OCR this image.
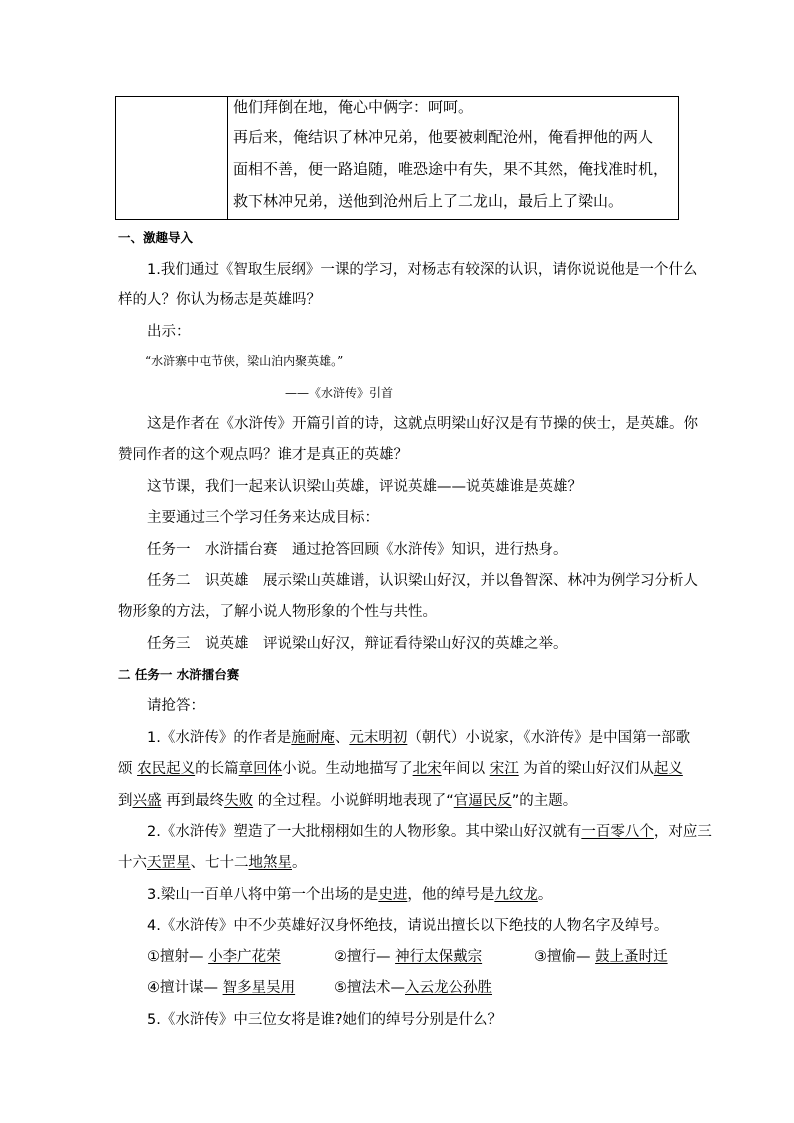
他们拜倒在地，俺心中俩字：呵呵。
再后来，俺结识了林冲兄弟，他要被刺配沧州，俺看押他的两人
面相不善，便一路追随，唯恐途中有失，果不其然，俺找准时机，
救下林冲兄弟，送他到沧州后上了二龙山，最后上了梁山。
一、激趣导入
1.我们通过《智取生辰纲》一课的学习，对杨志有较深的认识，请你说说他是一个什么
样的人？你认为杨志是英雄吗？
出示：
“水浒寨中屯节侠，梁山泊内聚英雄。”
——《水浒传》引首
这是作者在《水浒传》开篇引首的诗，这就点明梁山好汉是有节操的侠士，是英雄。你
赞同作者的这个观点吗？谁才是真正的英雄？
这节课，我们一起来认识梁山英雄，评说英雄——说英雄谁是英雄？
主要通过三个学习任务来达成目标：
任务一　水浒擂台赛　通过抢答回顾《水浒传》知识，进行热身。
任务二　识英雄　展示梁山英雄谱，认识梁山好汉，并以鲁智深、林冲为例学习分析人
物形象的方法，了解小说人物形象的个性与共性。
任务三　说英雄　评说梁山好汉，辩证看待梁山好汉的英雄之举。
二 任务一 水浒擂台赛
请抢答：
1.《水浒传》的作者是施耐庵、元末明初（朝代）小说家，《水浒传》是中国第一部歌
颂 农民起义的长篇章回体小说。生动地描写了北宋年间以 宋江 为首的梁山好汉们从起义
到兴盛 再到最终失败 的全过程。小说鲜明地表现了“官逼民反”的主题。
2.《水浒传》塑造了一大批栩栩如生的人物形象。其中梁山好汉就有一百零八个，对应三
十六天罡星、七十二地煞星。
3.梁山一百单八将中第一个出场的是史进，他的绰号是九纹龙。
4.《水浒传》中不少英雄好汉身怀绝技，请说出擅长以下绝技的人物名字及绰号。
①擅射— 小李广花荣	②擅行— 神行太保戴宗	③擅偷— 鼓上蚤时迁
④擅计谋— 智多星吴用	⑤擅法术—入云龙公孙胜
5.《水浒传》中三位女将是谁?她们的绰号分别是什么？
